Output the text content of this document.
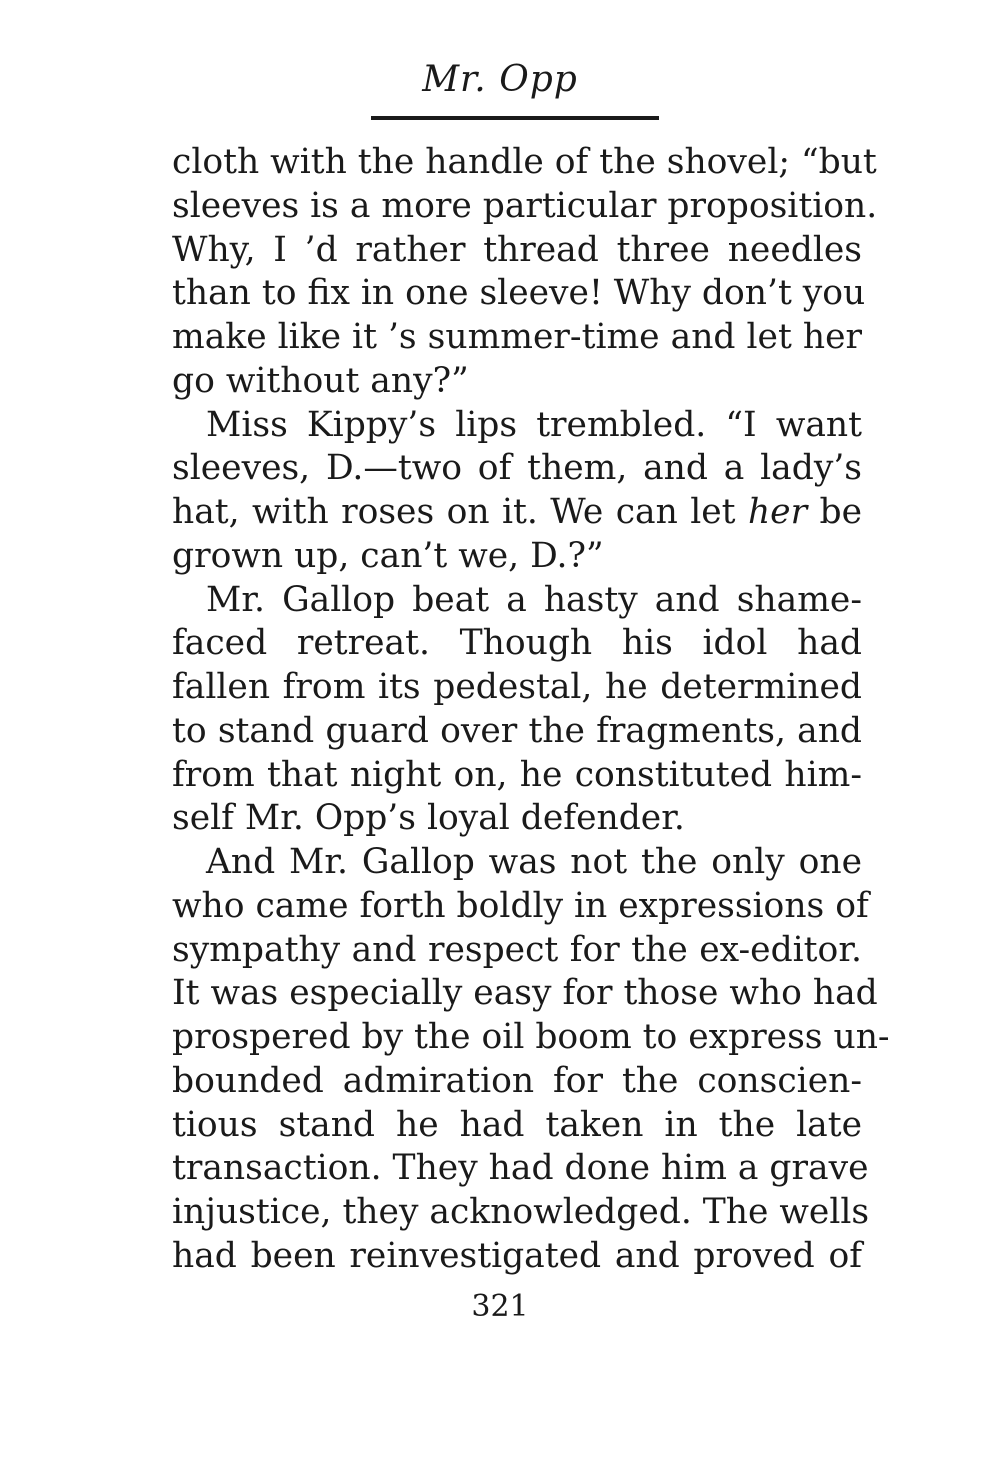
Mr. Opp
cloth with the handle of the shovel; “but
sleeves is a more particular proposition.
Why, I ’d rather thread three needles
than to fix in one sleeve! Why don’t you
make like it ’s summer-time and let her
go without any?”
Miss Kippy’s lips trembled. “I want
sleeves, D.—two of them, and a lady’s
hat, with roses on it. We can let her be
grown up, can’t we, D.?”
Mr. Gallop beat a hasty and shame-
faced retreat. Though his idol had
fallen from its pedestal, he determined
to stand guard over the fragments, and
from that night on, he constituted him-
self Mr. Opp’s loyal defender.
And Mr. Gallop was not the only one
who came forth boldly in expressions of
sympathy and respect for the ex-editor.
It was especially easy for those who had
prospered by the oil boom to express un-
bounded admiration for the conscien-
tious stand he had taken in the late
transaction. They had done him a grave
injustice, they acknowledged. The wells
had been reinvestigated and proved of
321
